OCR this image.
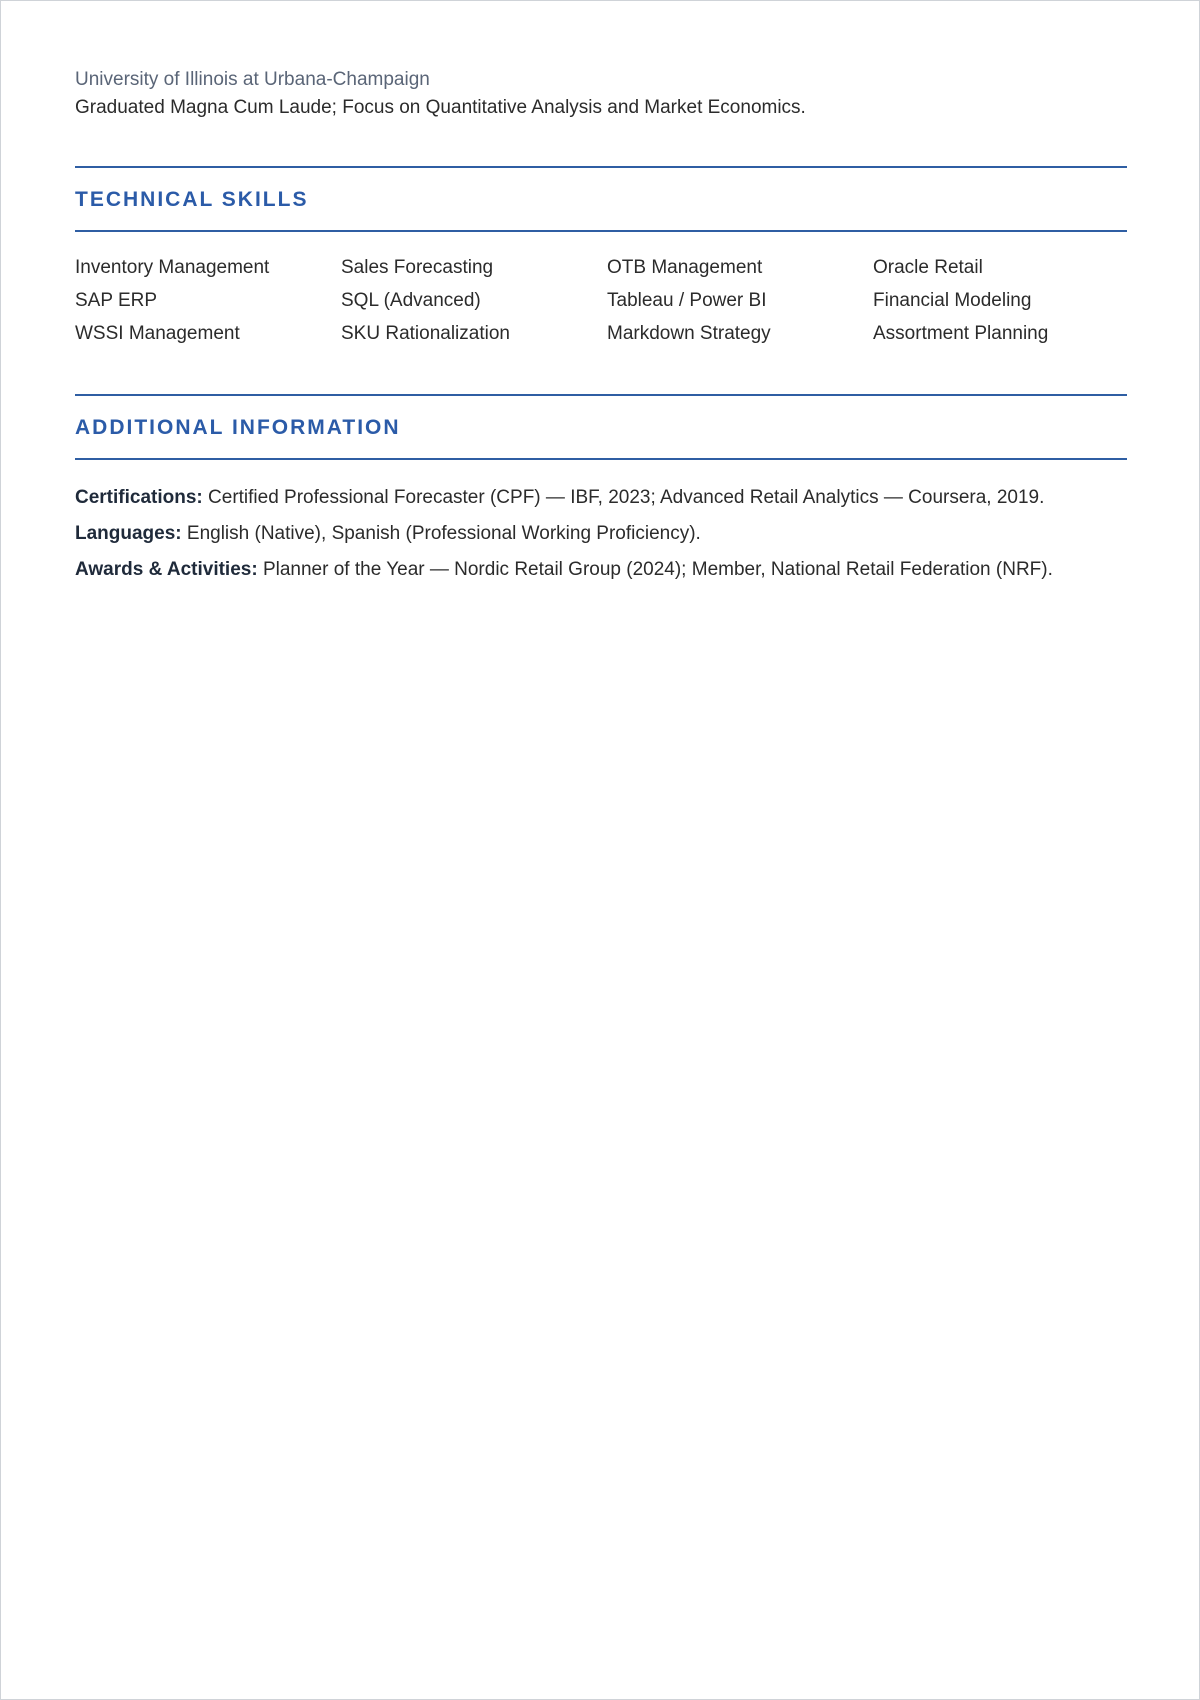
University of Illinois at Urbana-Champaign

Graduated Magna Cum Laude; Focus on Quantitative Analysis and Market Economics.

TECHNICAL SKILLS
Inventory Management	Sales Forecasting	OTB Management	Oracle Retail
SAP ERP	SQL (Advanced)	Tableau / Power BI	Financial Modeling
WSSI Management	SKU Rationalization	Markdown Strategy	Assortment Planning
ADDITIONAL INFORMATION

Certifications: Certified Professional Forecaster (CPF) — IBF, 2023; Advanced Retail Analytics — Coursera, 2019.

Languages: English (Native), Spanish (Professional Working Proficiency).

Awards & Activities: Planner of the Year — Nordic Retail Group (2024); Member, National Retail Federation (NRF).
